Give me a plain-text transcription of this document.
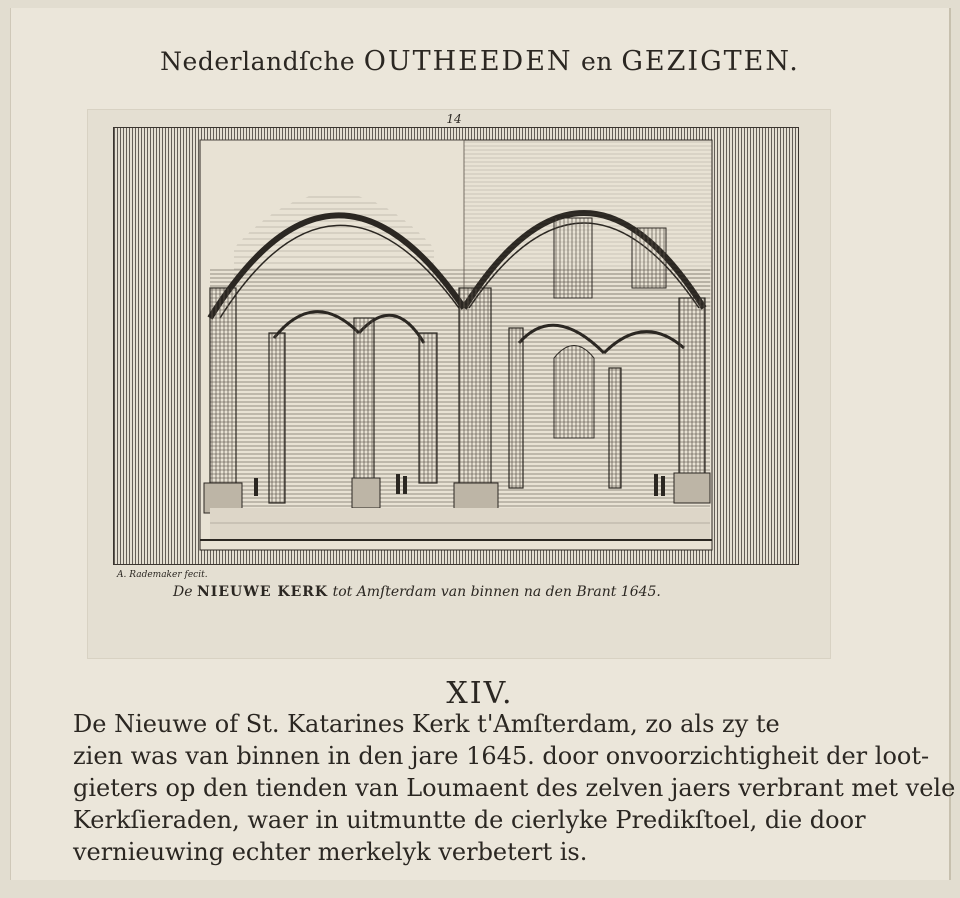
Nederlandſche OUTHEEDEN en GEZIGTEN.
14
A. Rademaker fecit.
De NIEUWE KERK tot Amſterdam van binnen na den Brant 1645.
XIV.
De Nieuwe of St. Katarines Kerk t'Amſterdam, zo als zy te
zien was van binnen in den jare 1645. door onvoorzichtigheit der loot-
gieters op den tienden van Loumaent des zelven jaers verbrant met vele
Kerkſieraden, waer in uitmuntte de cierlyke Predikſtoel, die door
vernieuwing echter merkelyk verbetert is.
